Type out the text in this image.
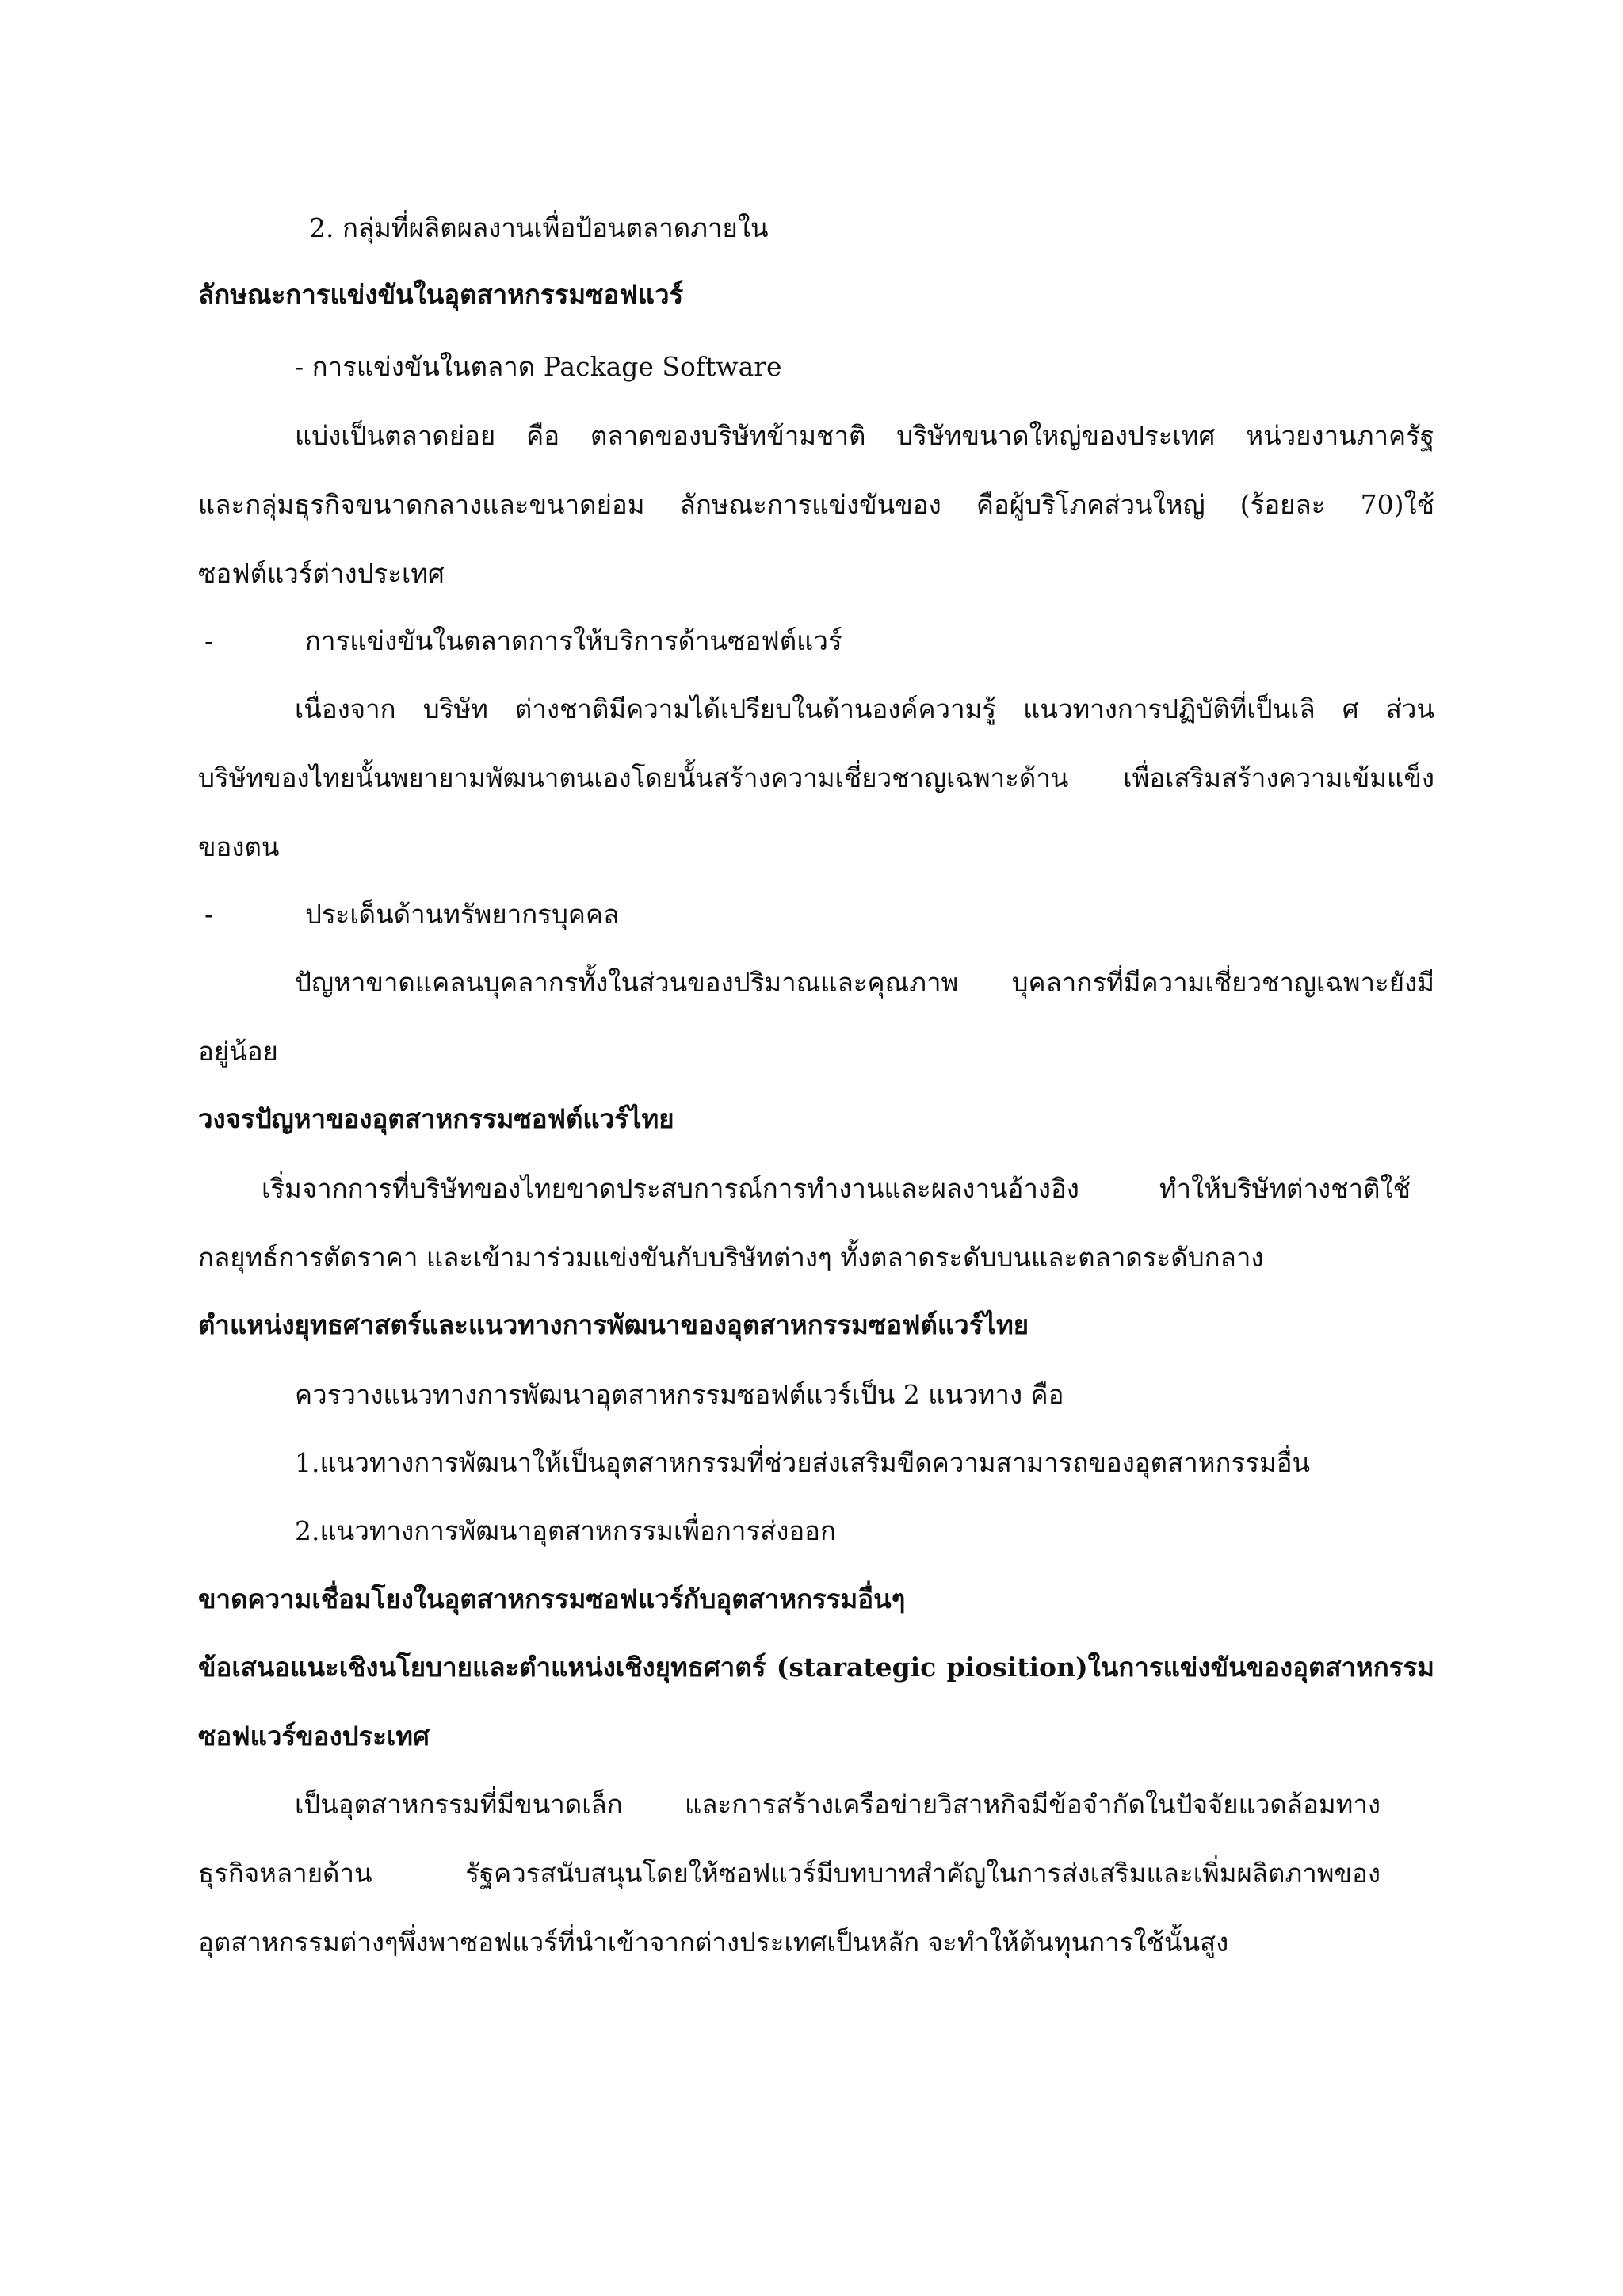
2. กลุ่มที่ผลิตผลงานเพื่อป้อนตลาดภายใน
ลักษณะการแข่งขันในอุตสาหกรรมซอฟแวร์
- การแข่งขันในตลาด Package Software
แบ่งเป็นตลาดย่อย คือ ตลาดของบริษัทข้ามชาติ บริษัทขนาดใหญ่ของประเทศ หน่วยงานภาครัฐ
และกลุ่มธุรกิจขนาดกลางและขนาดย่อม ลักษณะการแข่งขันของ คือผู้บริโภคส่วนใหญ่ (ร้อยละ 70)ใช้
ซอฟต์แวร์ต่างประเทศ
-	การแข่งขันในตลาดการให้บริการด้านซอฟต์แวร์
เนื่องจาก บริษัท ต่างชาติมีความได้เปรียบในด้านองค์ความรู้ แนวทางการปฏิบัติที่เป็นเลิ ศ ส่วน
บริษัทของไทยนั้นพยายามพัฒนาตนเองโดยนั้นสร้างความเชี่ยวชาญเฉพาะด้าน เพื่อเสริมสร้างความเข้มแข็ง
ของตน
-	ประเด็นด้านทรัพยากรบุคคล
ปัญหาขาดแคลนบุคลากรทั้งในส่วนของปริมาณและคุณภาพ บุคลากรที่มีความเชี่ยวชาญเฉพาะยังมี
อยู่น้อย
วงจรปัญหาของอุตสาหกรรมซอฟต์แวร์ไทย
เริ่มจากการที่บริษัทของไทยขาดประสบการณ์การทำงานและผลงานอ้างอิง ทำให้บริษัทต่างชาติใช้
กลยุทธ์การตัดราคา และเข้ามาร่วมแข่งขันกับบริษัทต่างๆ ทั้งตลาดระดับบนและตลาดระดับกลาง
ตำแหน่งยุทธศาสตร์และแนวทางการพัฒนาของอุตสาหกรรมซอฟต์แวร์ไทย
ควรวางแนวทางการพัฒนาอุตสาหกรรมซอฟต์แวร์เป็น 2 แนวทาง คือ
1.แนวทางการพัฒนาให้เป็นอุตสาหกรรมที่ช่วยส่งเสริมขีดความสามารถของอุตสาหกรรมอื่น
2.แนวทางการพัฒนาอุตสาหกรรมเพื่อการส่งออก
ขาดความเชื่อมโยงในอุตสาหกรรมซอฟแวร์กับอุตสาหกรรมอื่นๆ
ข้อเสนอแนะเชิงนโยบายและตำแหน่งเชิงยุทธศาตร์ (starategic piosition)ในการแข่งขันของอุตสาหกรรม
ซอฟแวร์ของประเทศ
เป็นอุตสาหกรรมที่มีขนาดเล็ก และการสร้างเครือข่ายวิสาหกิจมีข้อจำกัดในปัจจัยแวดล้อมทาง
ธุรกิจหลายด้าน รัฐควรสนับสนุนโดยให้ซอฟแวร์มีบทบาทสำคัญในการส่งเสริมและเพิ่มผลิตภาพของ
อุตสาหกรรมต่างๆพึ่งพาซอฟแวร์ที่นำเข้าจากต่างประเทศเป็นหลัก จะทำให้ต้นทุนการใช้นั้นสูง
